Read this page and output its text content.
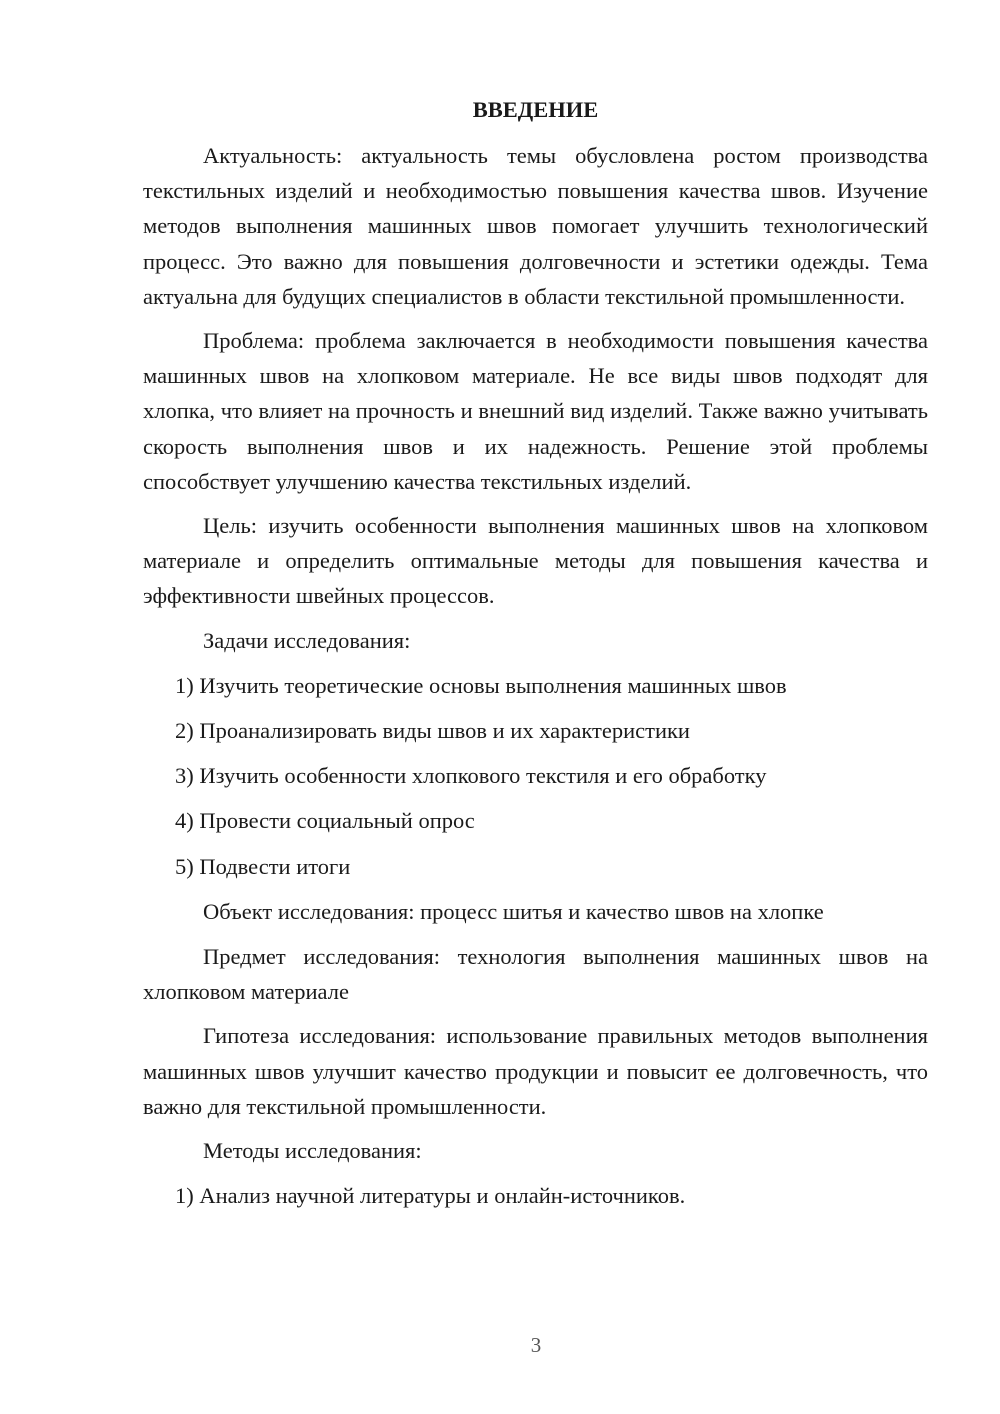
ВВЕДЕНИЕ

Актуальность: актуальность темы обусловлена ростом производства текстильных изделий и необходимостью повышения качества швов. Изучение методов выполнения машинных швов помогает улучшить технологический процесс. Это важно для повышения долговечности и эстетики одежды. Тема актуальна для будущих специалистов в области текстильной промышленности.

Проблема: проблема заключается в необходимости повышения качества машинных швов на хлопковом материале. Не все виды швов подходят для хлопка, что влияет на прочность и внешний вид изделий. Также важно учитывать скорость выполнения швов и их надежность. Решение этой проблемы способствует улучшению качества текстильных изделий.

Цель: изучить особенности выполнения машинных швов на хлопковом материале и определить оптимальные методы для повышения качества и эффективности швейных процессов.

Задачи исследования:
1) Изучить теоретические основы выполнения машинных швов
2) Проанализировать виды швов и их характеристики
3) Изучить особенности хлопкового текстиля и его обработку
4) Провести социальный опрос
5) Подвести итоги
Объект исследования: процесс шитья и качество швов на хлопке

Предмет исследования: технология выполнения машинных швов на хлопковом материале

Гипотеза исследования: использование правильных методов выполнения машинных швов улучшит качество продукции и повысит ее долговечность, что важно для текстильной промышленности.

Методы исследования:
1) Анализ научной литературы и онлайн-источников.
3
